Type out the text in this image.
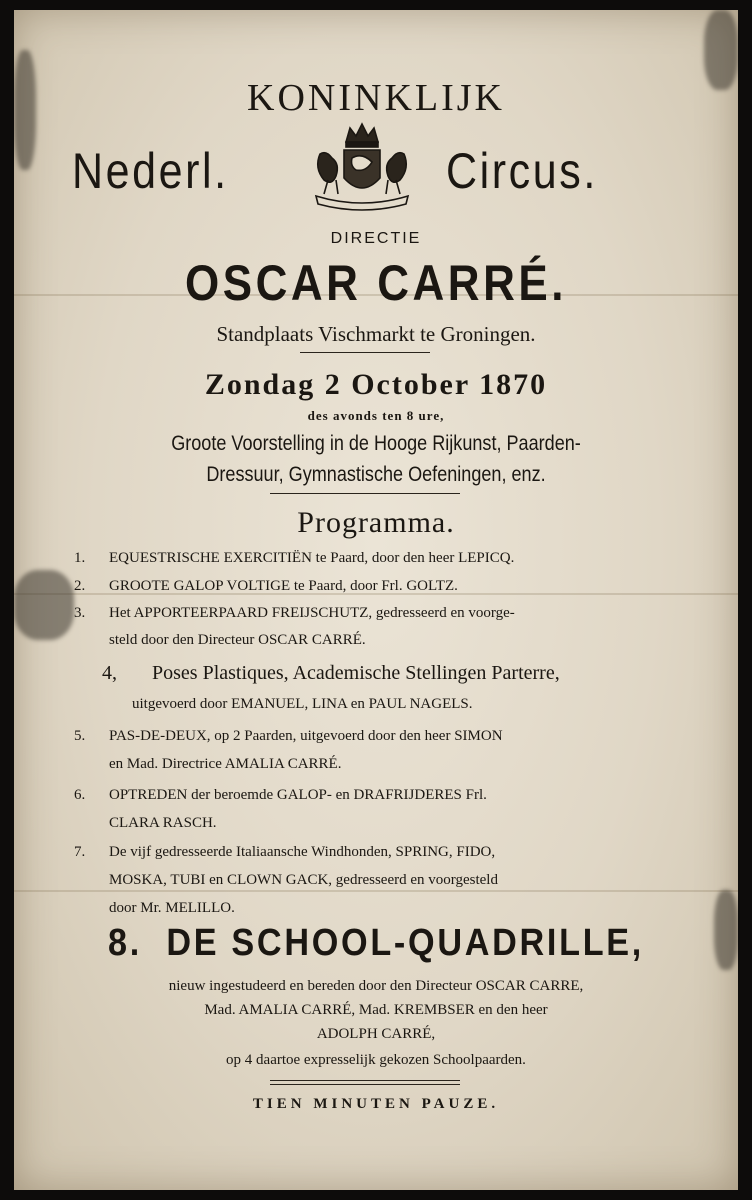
KONINKLIJK
Nederl.	Circus.
DIRECTIE
OSCAR CARRÉ.
Standplaats Vischmarkt te Groningen.
Zondag 2 October 1870
des avonds ten 8 ure,
Groote Voorstelling in de Hooge Rijkunst, Paarden-
Dressuur, Gymnastische Oefeningen, enz.
Programma.
1. EQUESTRISCHE EXERCITIËN te Paard, door den heer LEPICQ.
2. GROOTE GALOP VOLTIGE te Paard, door Frl. GOLTZ.
3. Het APPORTEERPAARD FREIJSCHUTZ, gedresseerd en voorge-
steld door den Directeur OSCAR CARRÉ.
4, Poses Plastiques, Academische Stellingen Parterre,
uitgevoerd door EMANUEL, LINA en PAUL NAGELS.
5. PAS-DE-DEUX, op 2 Paarden, uitgevoerd door den heer SIMON
en Mad. Directrice AMALIA CARRÉ.
6. OPTREDEN der beroemde GALOP- en DRAFRIJDERES Frl.
CLARA RASCH.
7. De vijf gedresseerde Italiaansche Windhonden, SPRING, FIDO,
MOSKA, TUBI en CLOWN GACK, gedresseerd en voorgesteld
door Mr. MELILLO.
8. DE SCHOOL-QUADRILLE,
nieuw ingestudeerd en bereden door den Directeur OSCAR CARRE,
Mad. AMALIA CARRÉ, Mad. KREMBSER en den heer
ADOLPH CARRÉ,
op 4 daartoe expresselijk gekozen Schoolpaarden.
TIEN MINUTEN PAUZE.
